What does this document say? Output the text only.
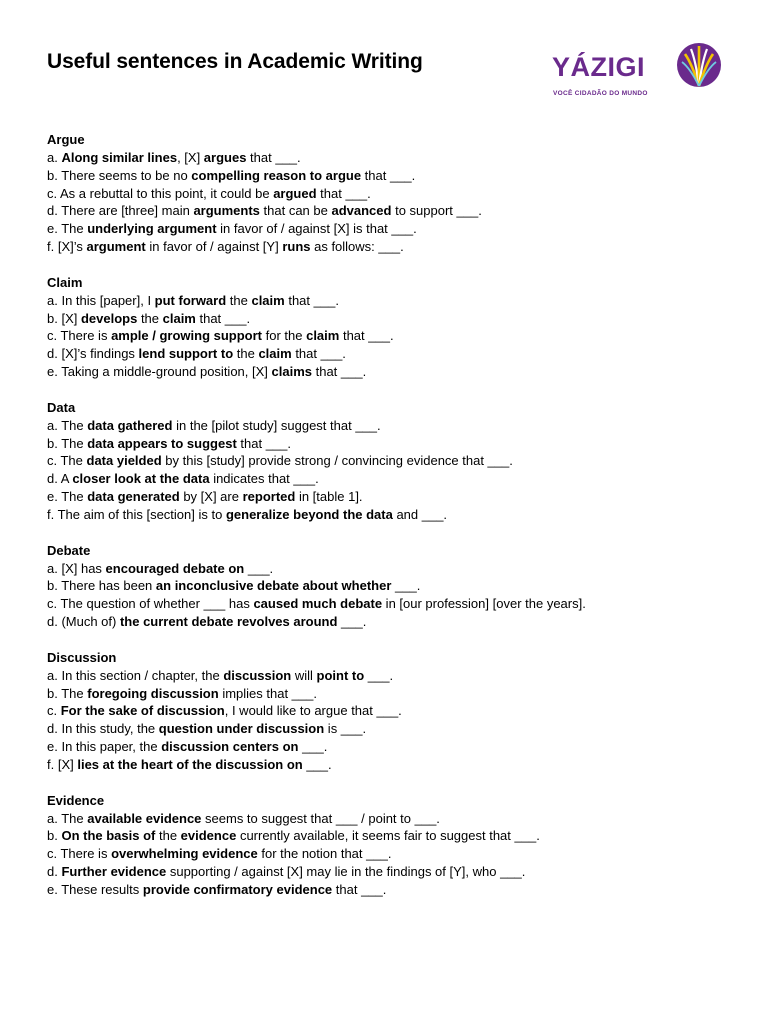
Useful sentences in Academic Writing	YÁZIGI
VOCÊ CIDADÃO DO MUNDO
Argue
a. Along similar lines, [X] argues that ___.
b. There seems to be no compelling reason to argue that ___.
c. As a rebuttal to this point, it could be argued that ___.
d. There are [three] main arguments that can be advanced to support ___.
e. The underlying argument in favor of / against [X] is that ___.
f. [X]’s argument in favor of / against [Y] runs as follows: ___.
Claim
a. In this [paper], I put forward the claim that ___.
b. [X] develops the claim that ___.
c. There is ample / growing support for the claim that ___.
d. [X]’s findings lend support to the claim that ___.
e. Taking a middle-ground position, [X] claims that ___.
Data
a. The data gathered in the [pilot study] suggest that ___.
b. The data appears to suggest that ___.
c. The data yielded by this [study] provide strong / convincing evidence that ___.
d. A closer look at the data indicates that ___.
e. The data generated by [X] are reported in [table 1].
f. The aim of this [section] is to generalize beyond the data and ___.
Debate
a. [X] has encouraged debate on ___.
b. There has been an inconclusive debate about whether ___.
c. The question of whether ___ has caused much debate in [our profession] [over the years].
d. (Much of) the current debate revolves around ___.
Discussion
a. In this section / chapter, the discussion will point to ___.
b. The foregoing discussion implies that ___.
c. For the sake of discussion, I would like to argue that ___.
d. In this study, the question under discussion is ___.
e. In this paper, the discussion centers on ___.
f. [X] lies at the heart of the discussion on ___.
Evidence
a. The available evidence seems to suggest that ___ / point to ___.
b. On the basis of the evidence currently available, it seems fair to suggest that ___.
c. There is overwhelming evidence for the notion that ___.
d. Further evidence supporting / against [X] may lie in the findings of [Y], who ___.
e. These results provide confirmatory evidence that ___.
